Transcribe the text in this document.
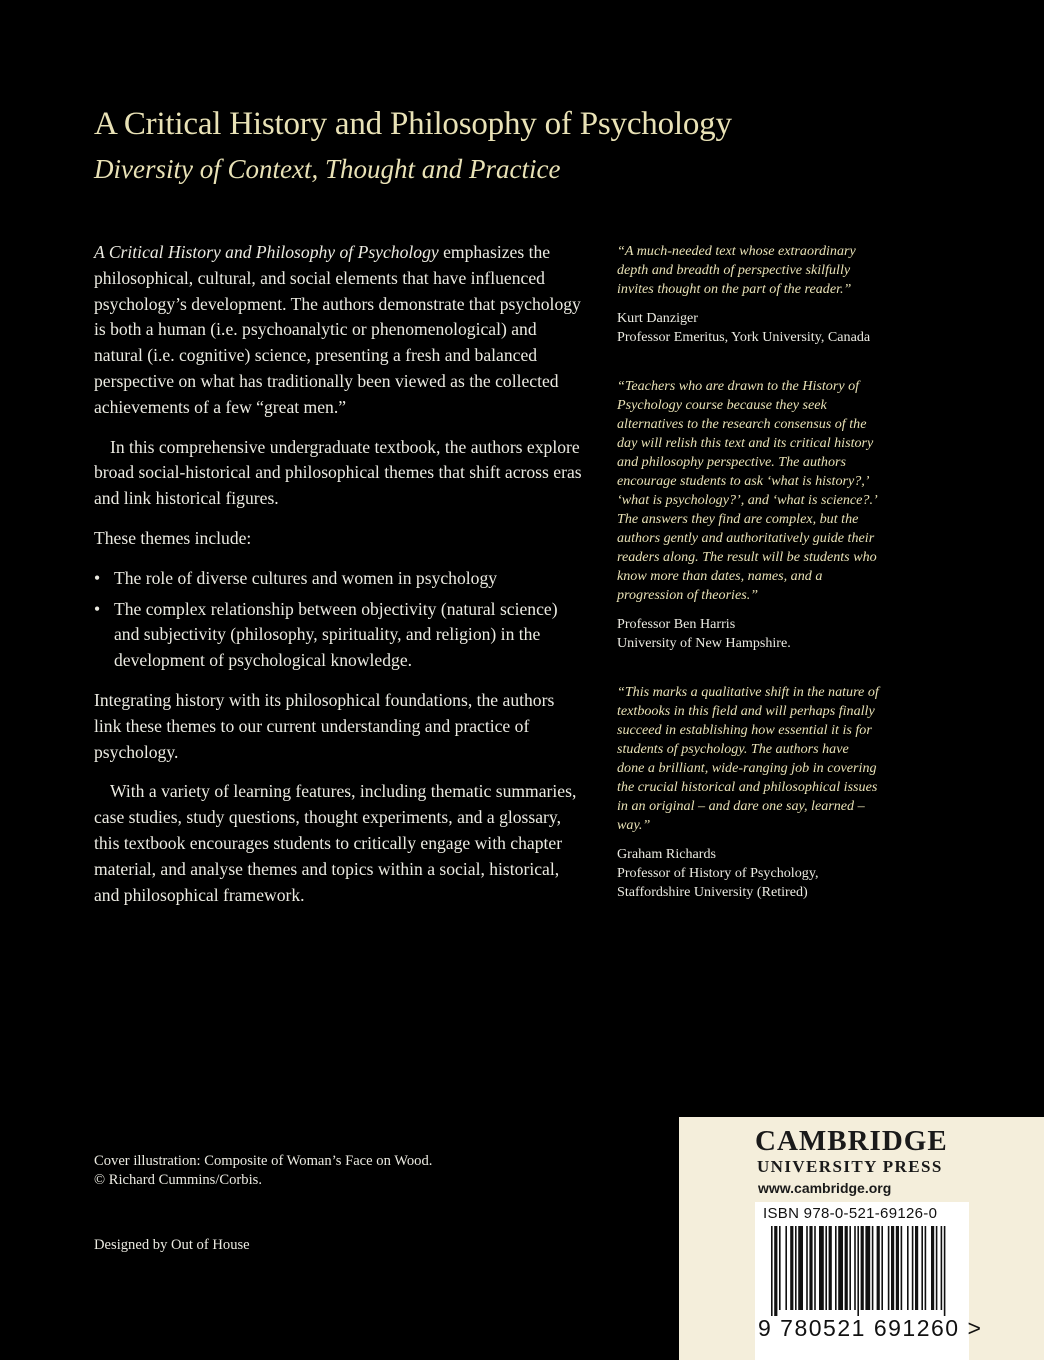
A Critical History and Philosophy of Psychology
Diversity of Context, Thought and Practice

A Critical History and Philosophy of Psychology emphasizes the philosophical, cultural, and social elements that have influenced psychology’s development. The authors demonstrate that psychology is both a human (i.e. psychoanalytic or phenomenological) and natural (i.e. cognitive) science, presenting a fresh and balanced perspective on what has traditionally been viewed as the collected achievements of a few “great men.”

In this comprehensive undergraduate textbook, the authors explore broad social-historical and philosophical themes that shift across eras and link historical figures.

These themes include:

• The role of diverse cultures and women in psychology
• The complex relationship between objectivity (natural science) and subjectivity (philosophy, spirituality, and religion) in the development of psychological knowledge.

Integrating history with its philosophical foundations, the authors link these themes to our current understanding and practice of psychology.

With a variety of learning features, including thematic summaries, case studies, study questions, thought experiments, and a glossary, this textbook encourages students to critically engage with chapter material, and analyse themes and topics within a social, historical, and philosophical framework.

“A much-needed text whose extraordinary depth and breadth of perspective skilfully invites thought on the part of the reader.”

Kurt Danziger

Professor Emeritus, York University, Canada

“Teachers who are drawn to the History of Psychology course because they seek alternatives to the research consensus of the day will relish this text and its critical history and philosophy perspective. The authors encourage students to ask ‘what is history?,’ ‘what is psychology?’, and ‘what is science?.’ The answers they find are complex, but the authors gently and authoritatively guide their readers along. The result will be students who know more than dates, names, and a progression of theories.”

Professor Ben Harris

University of New Hampshire.

“This marks a qualitative shift in the nature of textbooks in this field and will perhaps finally succeed in establishing how essential it is for students of psychology. The authors have done a brilliant, wide-ranging job in covering the crucial historical and philosophical issues in an original – and dare one say, learned – way.”

Graham Richards

Professor of History of Psychology, Staffordshire University (Retired)

Cover illustration: Composite of Woman’s Face on Wood.
© Richard Cummins/Corbis.
Designed by Out of House
CAMBRIDGE
UNIVERSITY PRESS
www.cambridge.org
ISBN 978-0-521-69126-0
9 780521 691260 >
